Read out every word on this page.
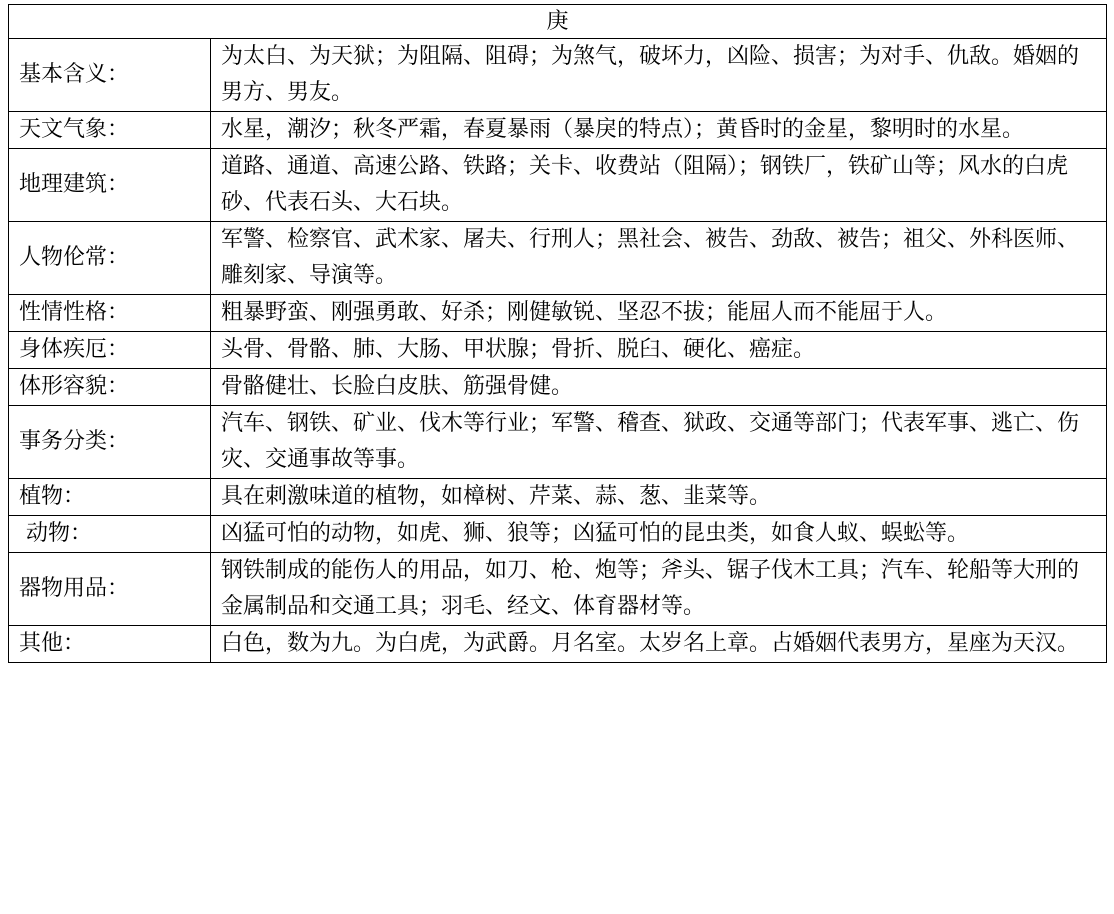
庚	
基本含义：	为太白、为天狱；为阻隔、阻碍；为煞气，破坏力，凶险、损害；为对手、仇敌。婚姻的男方、男友。
天文气象：	水星，潮汐；秋冬严霜，春夏暴雨（暴戾的特点）；黄昏时的金星，黎明时的水星。
地理建筑：	道路、通道、高速公路、铁路；关卡、收费站（阻隔）；钢铁厂，铁矿山等；风水的白虎砂、代表石头、大石块。
人物伦常：	军警、检察官、武术家、屠夫、行刑人；黑社会、被告、劲敌、被告；祖父、外科医师、雕刻家、导演等。
性情性格：	粗暴野蛮、刚强勇敢、好杀；刚健敏锐、坚忍不拔；能屈人而不能屈于人。
身体疾厄：	头骨、骨骼、肺、大肠、甲状腺；骨折、脱臼、硬化、癌症。
体形容貌：	骨骼健壮、长脸白皮肤、筋强骨健。
事务分类：	汽车、钢铁、矿业、伐木等行业；军警、稽查、狱政、交通等部门；代表军事、逃亡、伤灾、交通事故等事。
植物：	具在刺激味道的植物，如樟树、芹菜、蒜、葱、韭菜等。
动物：	凶猛可怕的动物，如虎、狮、狼等；凶猛可怕的昆虫类，如食人蚁、蜈蚣等。
器物用品：	钢铁制成的能伤人的用品，如刀、枪、炮等；斧头、锯子伐木工具；汽车、轮船等大刑的金属制品和交通工具；羽毛、经文、体育器材等。
其他：	白色，数为九。为白虎，为武爵。月名室。太岁名上章。占婚姻代表男方，星座为天汉。
